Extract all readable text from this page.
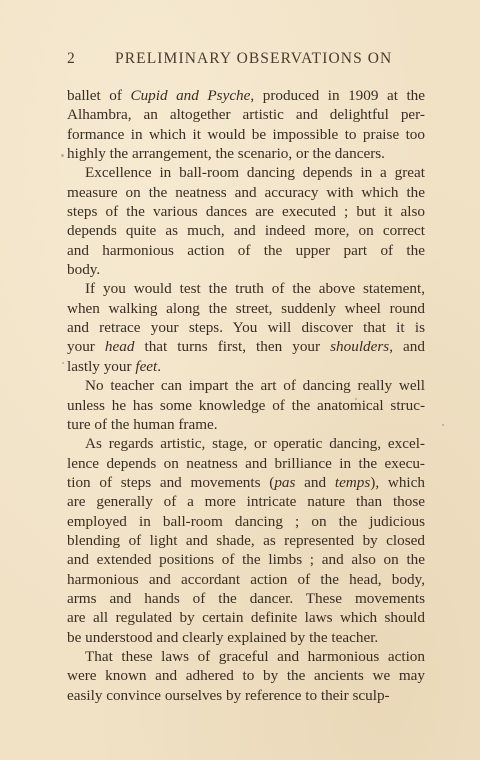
2	PRELIMINARY OBSERVATIONS ON
ballet of Cupid and Psyche, produced in 1909 at the
Alhambra, an altogether artistic and delightful per-
formance in which it would be impossible to praise too
highly the arrangement, the scenario, or the dancers.
Excellence in ball-room dancing depends in a great
measure on the neatness and accuracy with which the
steps of the various dances are executed ; but it also
depends quite as much, and indeed more, on correct
and harmonious action of the upper part of the
body.
If you would test the truth of the above statement,
when walking along the street, suddenly wheel round
and retrace your steps. You will discover that it is
your head that turns first, then your shoulders, and
lastly your feet.
No teacher can impart the art of dancing really well
unless he has some knowledge of the anatomical struc-
ture of the human frame.
As regards artistic, stage, or operatic dancing, excel-
lence depends on neatness and brilliance in the execu-
tion of steps and movements (pas and temps), which
are generally of a more intricate nature than those
employed in ball-room dancing ; on the judicious
blending of light and shade, as represented by closed
and extended positions of the limbs ; and also on the
harmonious and accordant action of the head, body,
arms and hands of the dancer. These movements
are all regulated by certain definite laws which should
be understood and clearly explained by the teacher.
That these laws of graceful and harmonious action
were known and adhered to by the ancients we may
easily convince ourselves by reference to their sculp-
